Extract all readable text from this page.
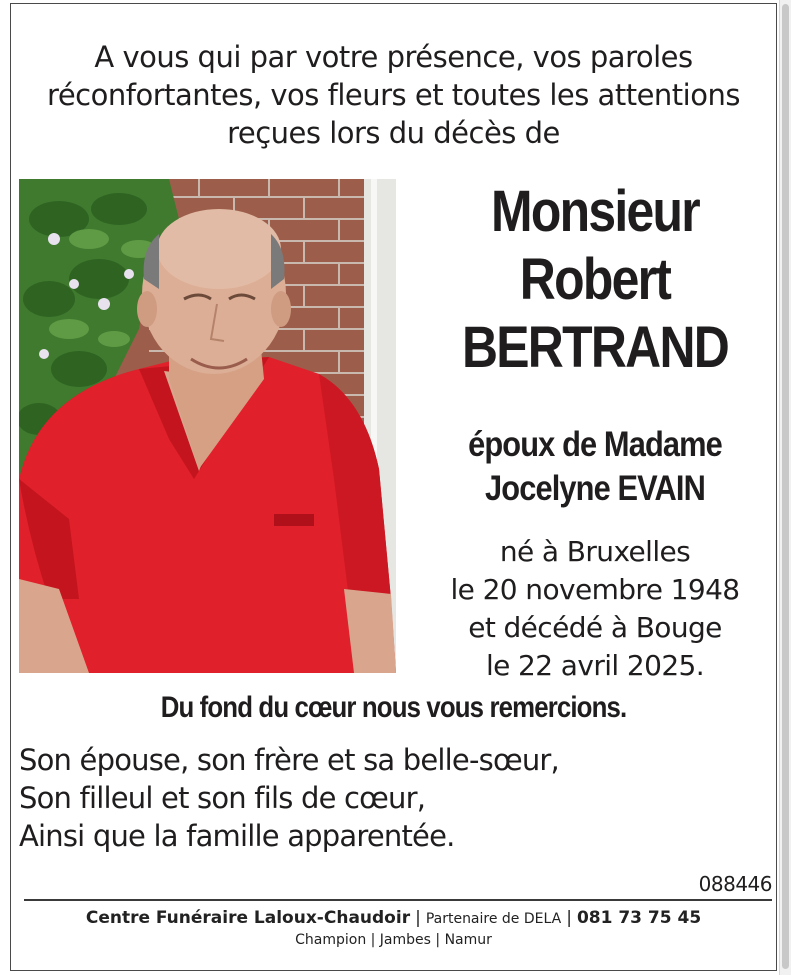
A vous qui par votre présence, vos paroles
réconfortantes, vos fleurs et toutes les attentions
reçues lors du décès de

Monsieur
Robert
BERTRAND
époux de Madame
Jocelyne EVAIN

né à Bruxelles
le 20 novembre 1948
et décédé à Bouge
le 22 avril 2025.

Du fond du cœur nous vous remercions.

Son épouse, son frère et sa belle-sœur,
Son filleul et son fils de cœur,
Ainsi que la famille apparentée.

088446
Centre Funéraire Laloux-Chaudoir | Partenaire de DELA | 081 73 75 45
Champion | Jambes | Namur
